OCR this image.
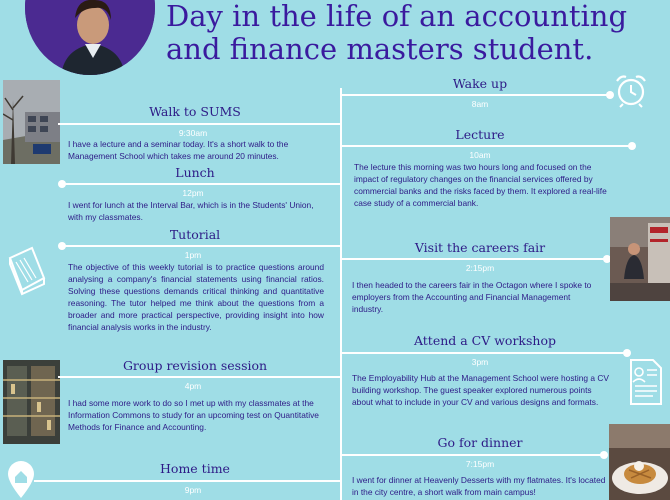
Day in the life of an accounting
and finance masters student.
Wake up
8am
Lecture
10am
The lecture this morning was two hours long and focused on the impact of regulatory changes on the financial services offered by commercial banks and the risks faced by them. It explored a real-life case study of a commercial bank.
Visit the careers fair
2:15pm
I then headed to the careers fair in the Octagon where I spoke to employers from the Accounting and Financial Management industry.
Attend a CV workshop
3pm
The Employability Hub at the Management School were hosting a CV building workshop. The guest speaker explored numerous points about what to include in your CV and various designs and formats.
Go for dinner
7:15pm
I went for dinner at Heavenly Desserts with my flatmates. It's located in the city centre, a short walk from main campus!
Walk to SUMS
9:30am
I have a lecture and a seminar today. It's a short walk to the Management School which takes me around 20 minutes.
Lunch
12pm
I went for lunch at the Interval Bar, which is in the Students' Union, with my classmates.
Tutorial
1pm
The objective of this weekly tutorial is to practice questions around analysing a company's financial statements using financial ratios. Solving these questions demands critical thinking and quantitative reasoning. The tutor helped me think about the questions from a broader and more practical perspective, providing insight into how financial analysis works in the industry.
Group revision session
4pm
I had some more work to do so I met up with my classmates at the Information Commons to study for an upcoming test on Quantitative Methods for Finance and Accounting.
Home time
9pm
